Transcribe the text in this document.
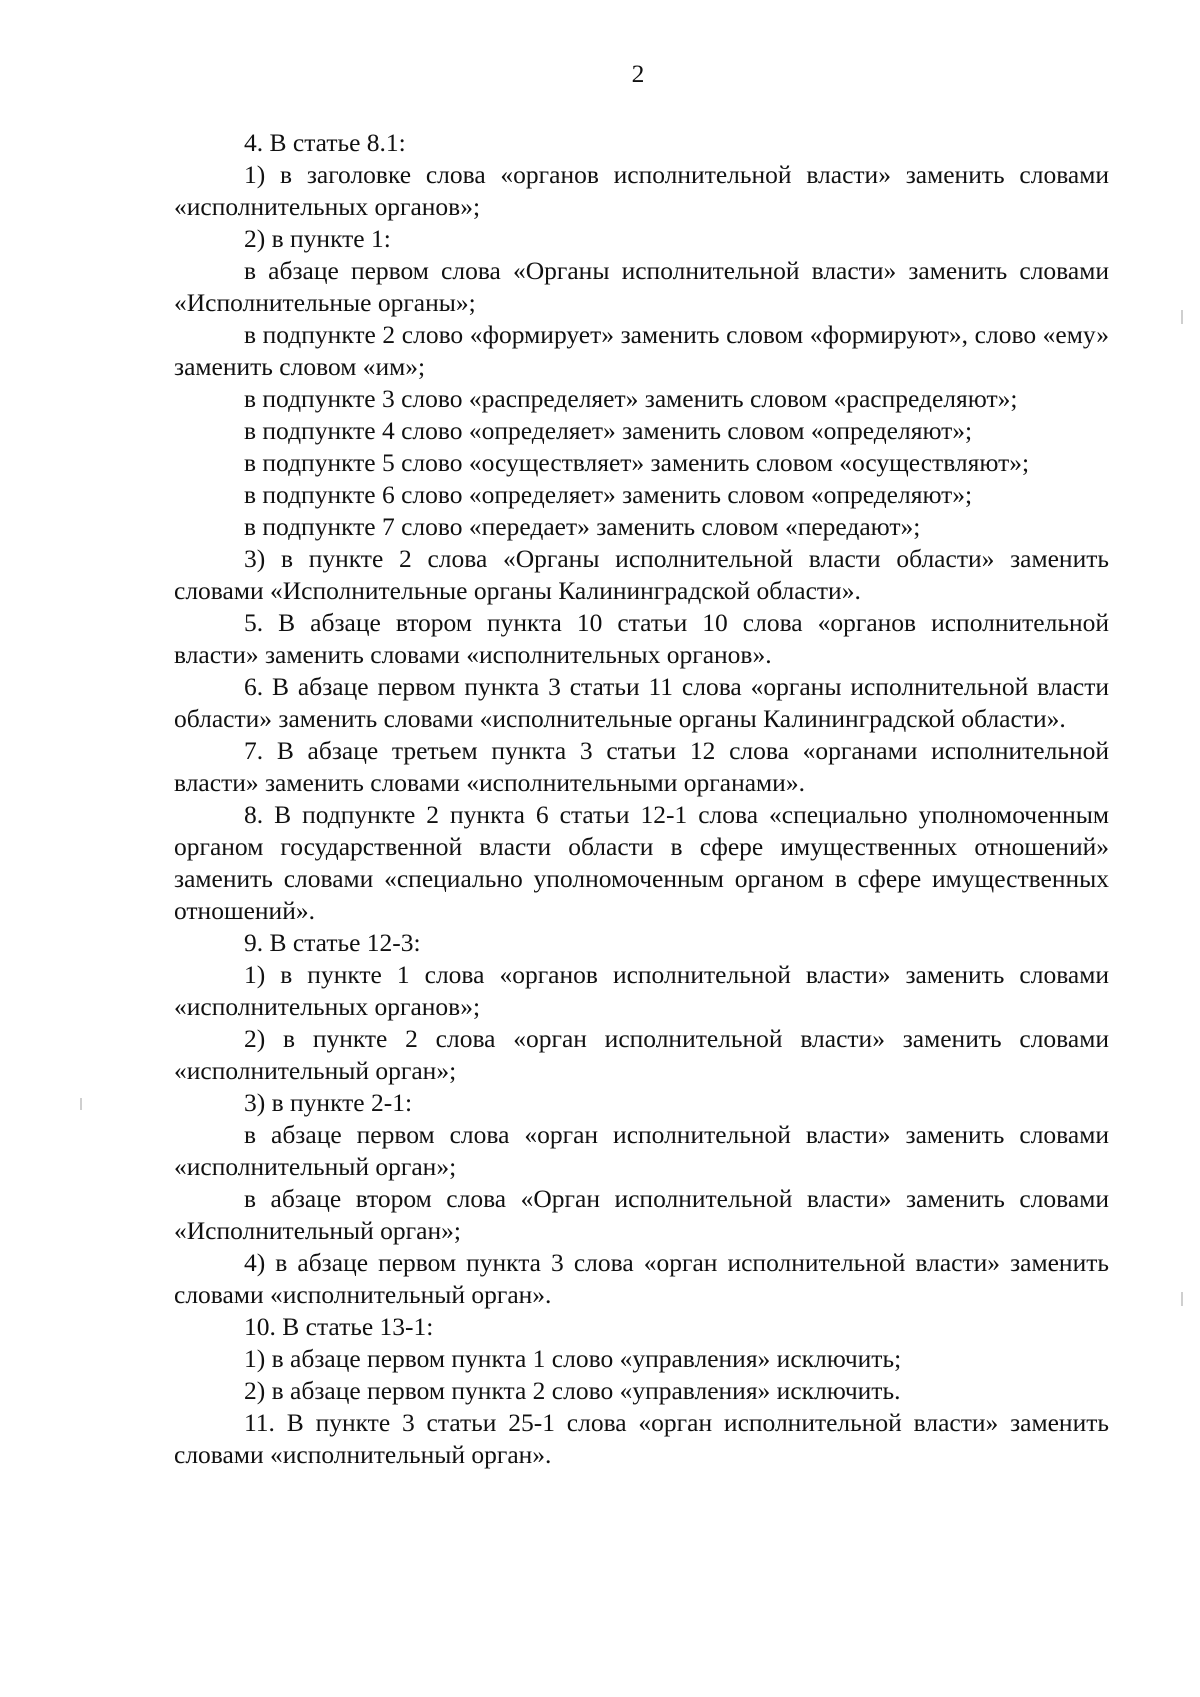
2

4. В статье 8.1:

1) в заголовке слова «органов исполнительной власти» заменить словами «исполнительных органов»;

2) в пункте 1:

в абзаце первом слова «Органы исполнительной власти» заменить словами «Исполнительные органы»;

в подпункте 2 слово «формирует» заменить словом «формируют», слово «ему» заменить словом «им»;

в подпункте 3 слово «распределяет» заменить словом «распределяют»;

в подпункте 4 слово «определяет» заменить словом «определяют»;

в подпункте 5 слово «осуществляет» заменить словом «осуществляют»;

в подпункте 6 слово «определяет» заменить словом «определяют»;

в подпункте 7 слово «передает» заменить словом «передают»;

3) в пункте 2 слова «Органы исполнительной власти области» заменить словами «Исполнительные органы Калининградской области».

5. В абзаце втором пункта 10 статьи 10 слова «органов исполнительной власти» заменить словами «исполнительных органов».

6. В абзаце первом пункта 3 статьи 11 слова «органы исполнительной власти области» заменить словами «исполнительные органы Калининградской области».

7. В абзаце третьем пункта 3 статьи 12 слова «органами исполнительной власти» заменить словами «исполнительными органами».

8. В подпункте 2 пункта 6 статьи 12-1 слова «специально уполномоченным органом государственной власти области в сфере имущественных отношений» заменить словами «специально уполномоченным органом в сфере имущественных отношений».

9. В статье 12-3:

1) в пункте 1 слова «органов исполнительной власти» заменить словами «исполнительных органов»;

2) в пункте 2 слова «орган исполнительной власти» заменить словами «исполнительный орган»;

3) в пункте 2-1:

в абзаце первом слова «орган исполнительной власти» заменить словами «исполнительный орган»;

в абзаце втором слова «Орган исполнительной власти» заменить словами «Исполнительный орган»;

4) в абзаце первом пункта 3 слова «орган исполнительной власти» заменить словами «исполнительный орган».

10. В статье 13-1:

1) в абзаце первом пункта 1 слово «управления» исключить;

2) в абзаце первом пункта 2 слово «управления» исключить.

11. В пункте 3 статьи 25-1 слова «орган исполнительной власти» заменить словами «исполнительный орган».
